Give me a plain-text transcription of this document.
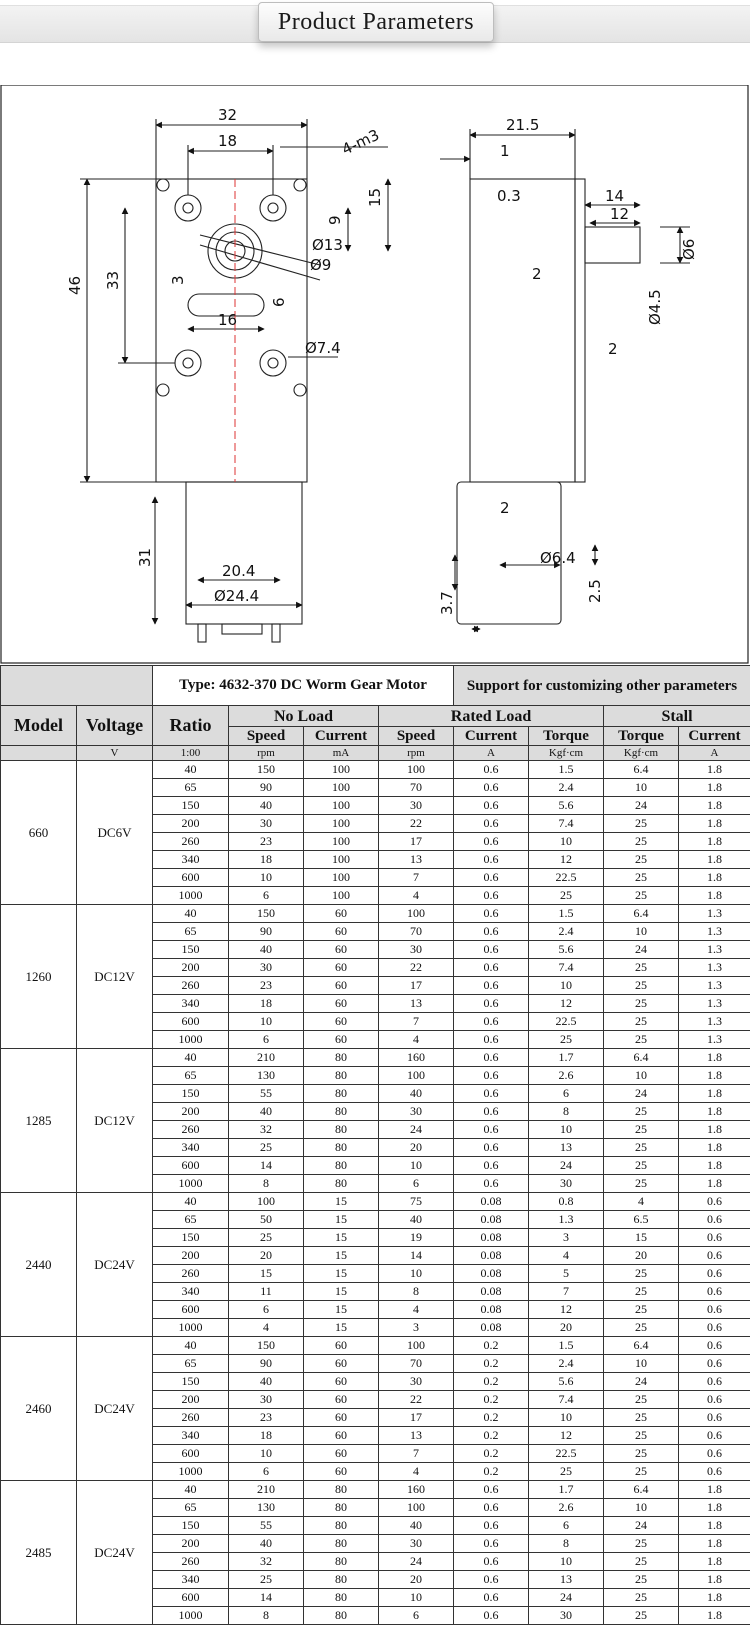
Product Parameters
32
18	4-m3
15
9
46 33
Ø13
Ø9
3
6
16
Ø7.4
31
20.4
Ø24.4
21.5
1
0.3	14
12
Ø6
2
Ø4.5
2
2
Ø6.4
3.7
2.5
		Type: 4632-370 DC Worm Gear Motor				Support for customizing other parameters			
Model	Voltage	Ratio	No Load		Rated Load			Stall	
			Speed	Current	Speed	Current	Torque	Torque	Current
	V	1:00	rpm	mA	rpm	A	Kgf·cm	Kgf·cm	A
660	DC6V	40	150	100	100	0.6	1.5	6.4	1.8
		65	90	100	70	0.6	2.4	10	1.8
		150	40	100	30	0.6	5.6	24	1.8
		200	30	100	22	0.6	7.4	25	1.8
		260	23	100	17	0.6	10	25	1.8
		340	18	100	13	0.6	12	25	1.8
		600	10	100	7	0.6	22.5	25	1.8
		1000	6	100	4	0.6	25	25	1.8
1260	DC12V	40	150	60	100	0.6	1.5	6.4	1.3
		65	90	60	70	0.6	2.4	10	1.3
		150	40	60	30	0.6	5.6	24	1.3
		200	30	60	22	0.6	7.4	25	1.3
		260	23	60	17	0.6	10	25	1.3
		340	18	60	13	0.6	12	25	1.3
		600	10	60	7	0.6	22.5	25	1.3
		1000	6	60	4	0.6	25	25	1.3
1285	DC12V	40	210	80	160	0.6	1.7	6.4	1.8
		65	130	80	100	0.6	2.6	10	1.8
		150	55	80	40	0.6	6	24	1.8
		200	40	80	30	0.6	8	25	1.8
		260	32	80	24	0.6	10	25	1.8
		340	25	80	20	0.6	13	25	1.8
		600	14	80	10	0.6	24	25	1.8
		1000	8	80	6	0.6	30	25	1.8
2440	DC24V	40	100	15	75	0.08	0.8	4	0.6
		65	50	15	40	0.08	1.3	6.5	0.6
		150	25	15	19	0.08	3	15	0.6
		200	20	15	14	0.08	4	20	0.6
		260	15	15	10	0.08	5	25	0.6
		340	11	15	8	0.08	7	25	0.6
		600	6	15	4	0.08	12	25	0.6
		1000	4	15	3	0.08	20	25	0.6
2460	DC24V	40	150	60	100	0.2	1.5	6.4	0.6
		65	90	60	70	0.2	2.4	10	0.6
		150	40	60	30	0.2	5.6	24	0.6
		200	30	60	22	0.2	7.4	25	0.6
		260	23	60	17	0.2	10	25	0.6
		340	18	60	13	0.2	12	25	0.6
		600	10	60	7	0.2	22.5	25	0.6
		1000	6	60	4	0.2	25	25	0.6
2485	DC24V	40	210	80	160	0.6	1.7	6.4	1.8
		65	130	80	100	0.6	2.6	10	1.8
		150	55	80	40	0.6	6	24	1.8
		200	40	80	30	0.6	8	25	1.8
		260	32	80	24	0.6	10	25	1.8
		340	25	80	20	0.6	13	25	1.8
		600	14	80	10	0.6	24	25	1.8
		1000	8	80	6	0.6	30	25	1.8
